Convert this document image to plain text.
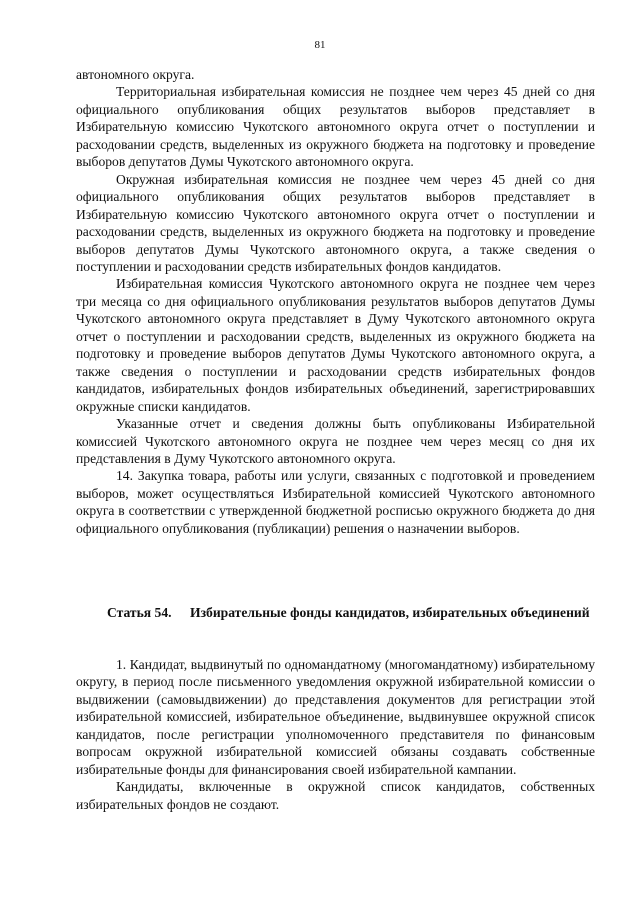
81

автономного округа.

Территориальная избирательная комиссия не позднее чем через 45 дней со дня официального опубликования общих результатов выборов представляет в Избирательную комиссию Чукотского автономного округа отчет о поступлении и расходовании средств, выделенных из окружного бюджета на подготовку и проведение выборов депутатов Думы Чукотского автономного округа.

Окружная избирательная комиссия не позднее чем через 45 дней со дня официального опубликования общих результатов выборов представляет в Избирательную комиссию Чукотского автономного округа отчет о поступлении и расходовании средств, выделенных из окружного бюджета на подготовку и проведение выборов депутатов Думы Чукотского автономного округа, а также сведения о поступлении и расходовании средств избирательных фондов кандидатов.

Избирательная комиссия Чукотского автономного округа не позднее чем через три месяца со дня официального опубликования результатов выборов депутатов Думы Чукотского автономного округа представляет в Думу Чукотского автономного округа отчет о поступлении и расходовании средств, выделенных из окружного бюджета на подготовку и проведение выборов депутатов Думы Чукотского автономного округа, а также сведения о поступлении и расходовании средств избирательных фондов кандидатов, избирательных фондов избирательных объединений, зарегистрировавших окружные списки кандидатов.

Указанные отчет и сведения должны быть опубликованы Избирательной комиссией Чукотского автономного округа не позднее чем через месяц со дня их представления в Думу Чукотского автономного округа.

14. Закупка товара, работы или услуги, связанных с подготовкой и проведением выборов, может осуществляться Избирательной комиссией Чукотского автономного округа в соответствии с утвержденной бюджетной росписью окружного бюджета до дня официального опубликования (публикации) решения о назначении выборов.

Статья 54.	Избирательные фонды кандидатов, избирательных объединений

1. Кандидат, выдвинутый по одномандатному (многомандатному) избирательному округу, в период после письменного уведомления окружной избирательной комиссии о выдвижении (самовыдвижении) до представления документов для регистрации этой избирательной комиссией, избирательное объединение, выдвинувшее окружной список кандидатов, после регистрации уполномоченного представителя по финансовым вопросам окружной избирательной комиссией обязаны создавать собственные избирательные фонды для финансирования своей избирательной кампании.

Кандидаты, включенные в окружной список кандидатов, собственных избирательных фондов не создают.
